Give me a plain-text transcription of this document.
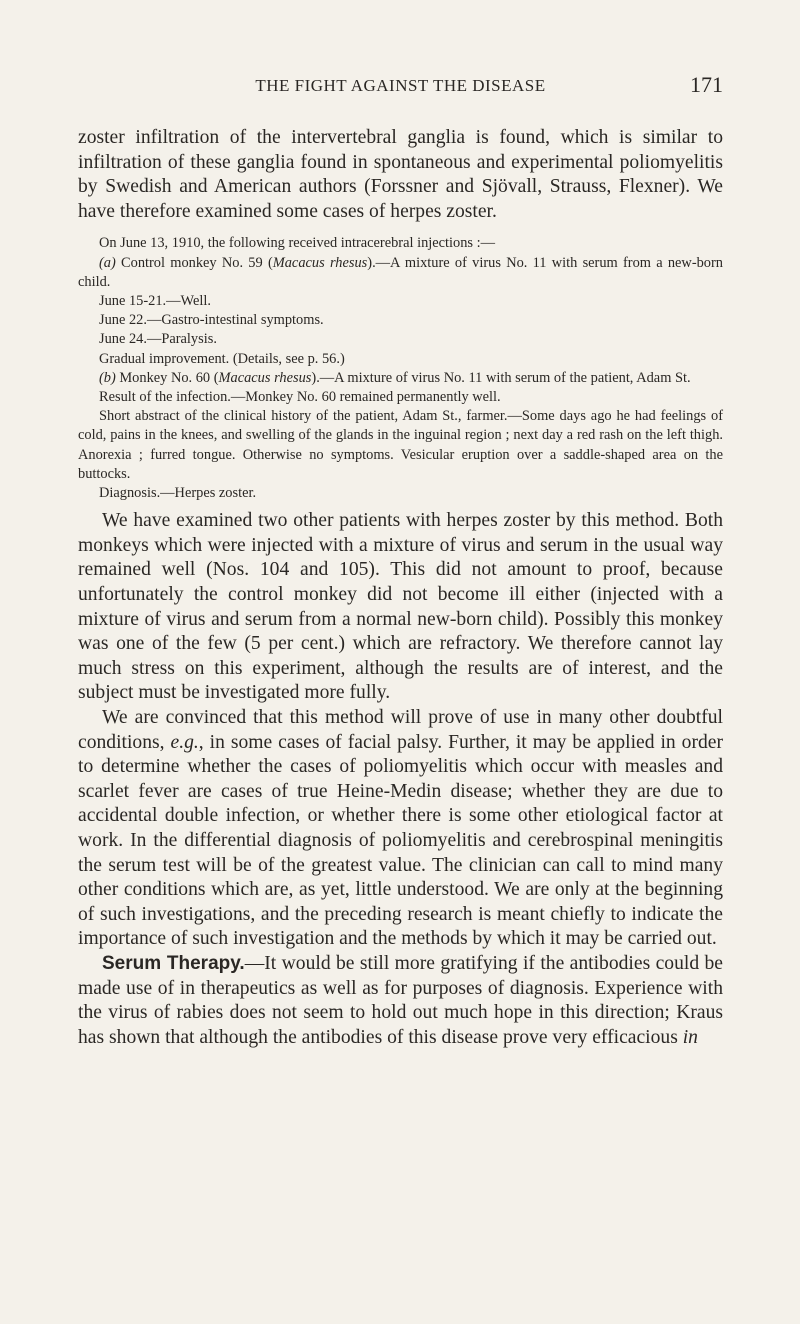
THE FIGHT AGAINST THE DISEASE	171

zoster infiltration of the intervertebral ganglia is found, which is similar to infiltration of these ganglia found in spontaneous and experimental poliomyelitis by Swedish and American authors (Forssner and Sjövall, Strauss, Flexner). We have therefore examined some cases of herpes zoster.

On June 13, 1910, the following received intracerebral injections :—

(a) Control monkey No. 59 (Macacus rhesus).—A mixture of virus No. 11 with serum from a new-born child.

June 15-21.—Well.

June 22.—Gastro-intestinal symptoms.

June 24.—Paralysis.

Gradual improvement. (Details, see p. 56.)

(b) Monkey No. 60 (Macacus rhesus).—A mixture of virus No. 11 with serum of the patient, Adam St.

Result of the infection.—Monkey No. 60 remained permanently well.

Short abstract of the clinical history of the patient, Adam St., farmer.—Some days ago he had feelings of cold, pains in the knees, and swelling of the glands in the inguinal region ; next day a red rash on the left thigh. Anorexia ; furred tongue. Otherwise no symptoms. Vesicular eruption over a saddle-shaped area on the buttocks.

Diagnosis.—Herpes zoster.

We have examined two other patients with herpes zoster by this method. Both monkeys which were injected with a mixture of virus and serum in the usual way remained well (Nos. 104 and 105). This did not amount to proof, because unfortunately the control monkey did not become ill either (injected with a mixture of virus and serum from a normal new-born child). Possibly this monkey was one of the few (5 per cent.) which are refractory. We therefore cannot lay much stress on this experiment, although the results are of interest, and the subject must be investigated more fully.

We are convinced that this method will prove of use in many other doubtful conditions, e.g., in some cases of facial palsy. Further, it may be applied in order to determine whether the cases of poliomyelitis which occur with measles and scarlet fever are cases of true Heine-Medin disease; whether they are due to accidental double infection, or whether there is some other etiological factor at work. In the differential diagnosis of poliomyelitis and cerebrospinal meningitis the serum test will be of the greatest value. The clinician can call to mind many other conditions which are, as yet, little understood. We are only at the beginning of such investigations, and the preceding research is meant chiefly to indicate the importance of such investigation and the methods by which it may be carried out.

Serum Therapy.—It would be still more gratifying if the antibodies could be made use of in therapeutics as well as for purposes of diagnosis. Experience with the virus of rabies does not seem to hold out much hope in this direction; Kraus has shown that although the antibodies of this disease prove very efficacious in
